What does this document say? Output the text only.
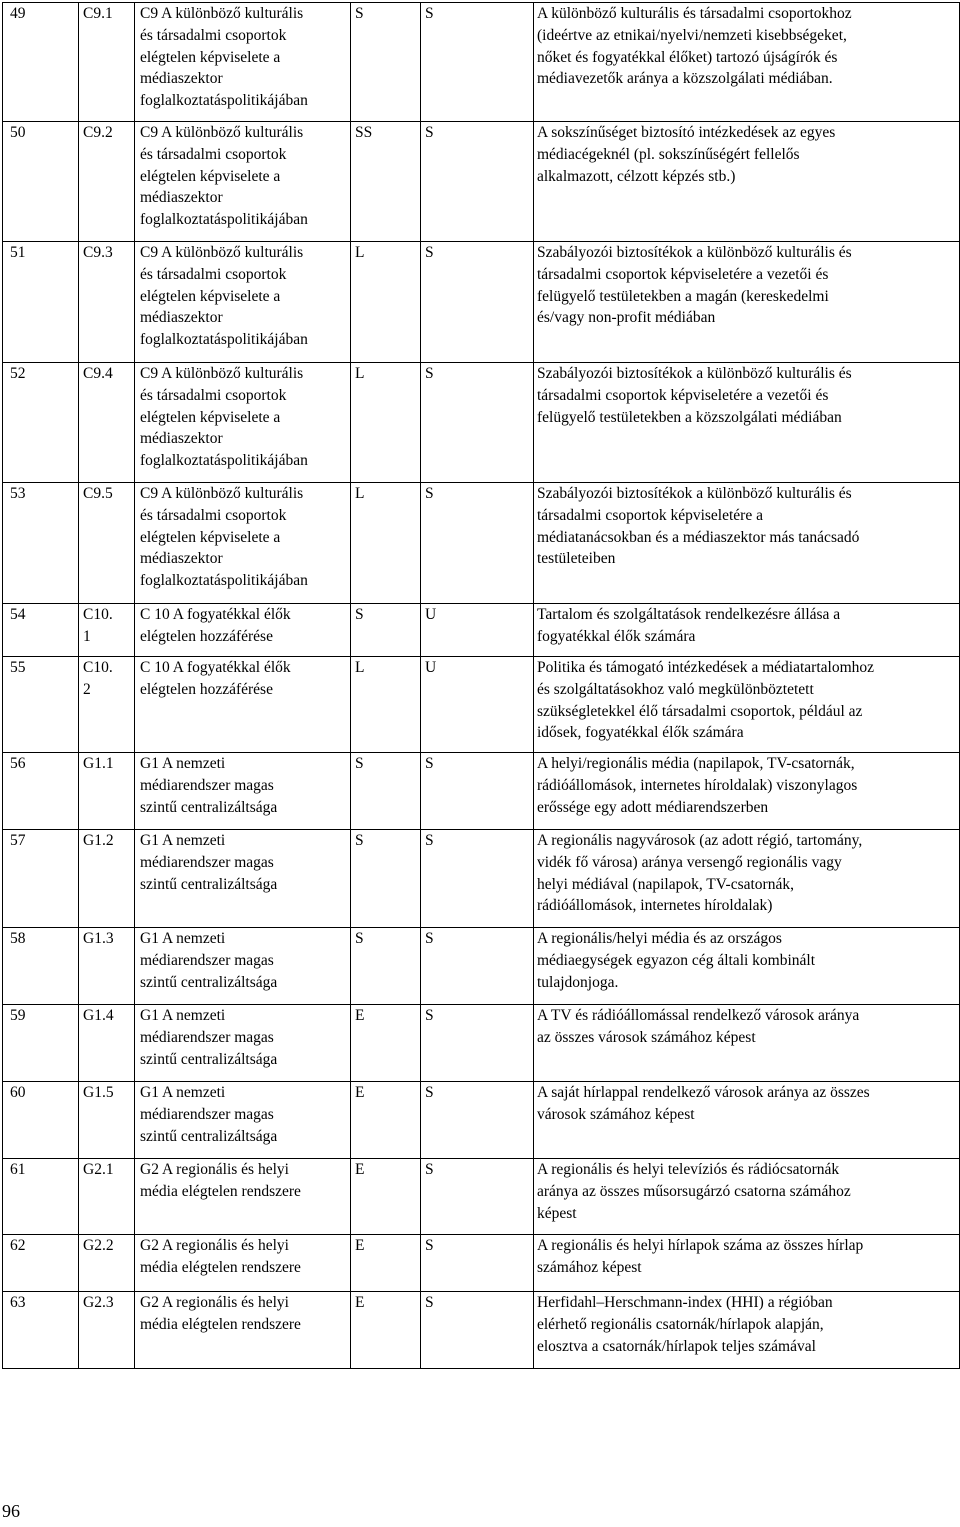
49	C9.1	C9 A különböző kulturális
és társadalmi csoportok
elégtelen képviselete a
médiaszektor
foglalkoztatáspolitikájában	S	S	A különböző kulturális és társadalmi csoportokhoz
(ideértve az etnikai/nyelvi/nemzeti kisebbségeket,
nőket és fogyatékkal élőket) tartozó újságírók és
médiavezetők aránya a közszolgálati médiában.
50	C9.2	C9 A különböző kulturális
és társadalmi csoportok
elégtelen képviselete a
médiaszektor
foglalkoztatáspolitikájában	SS	S	A sokszínűséget biztosító intézkedések az egyes
médiacégeknél (pl. sokszínűségért fellelős
alkalmazott, célzott képzés stb.)
51	C9.3	C9 A különböző kulturális
és társadalmi csoportok
elégtelen képviselete a
médiaszektor
foglalkoztatáspolitikájában	L	S	Szabályozói biztosítékok a különböző kulturális és
társadalmi csoportok képviseletére a vezetői és
felügyelő testületekben a magán (kereskedelmi
és/vagy non-profit médiában
52	C9.4	C9 A különböző kulturális
és társadalmi csoportok
elégtelen képviselete a
médiaszektor
foglalkoztatáspolitikájában	L	S	Szabályozói biztosítékok a különböző kulturális és
társadalmi csoportok képviseletére a vezetői és
felügyelő testületekben a közszolgálati médiában
53	C9.5	C9 A különböző kulturális
és társadalmi csoportok
elégtelen képviselete a
médiaszektor
foglalkoztatáspolitikájában	L	S	Szabályozói biztosítékok a különböző kulturális és
társadalmi csoportok képviseletére a
médiatanácsokban és a médiaszektor más tanácsadó
testületeiben
54	C10.
1	C 10 A fogyatékkal élők
elégtelen hozzáférése	S	U	Tartalom és szolgáltatások rendelkezésre állása a
fogyatékkal élők számára
55	C10.
2	C 10 A fogyatékkal élők
elégtelen hozzáférése	L	U	Politika és támogató intézkedések a médiatartalomhoz
és szolgáltatásokhoz való megkülönböztetett
szükségletekkel élő társadalmi csoportok, például az
idősek, fogyatékkal élők számára
56	G1.1	G1 A nemzeti
médiarendszer magas
szintű centralizáltsága	S	S	A helyi/regionális média (napilapok, TV-csatornák,
rádióállomások, internetes híroldalak) viszonylagos
erőssége egy adott médiarendszerben
57	G1.2	G1 A nemzeti
médiarendszer magas
szintű centralizáltsága	S	S	A regionális nagyvárosok (az adott régió, tartomány,
vidék fő városa) aránya versengő regionális vagy
helyi médiával (napilapok, TV-csatornák,
rádióállomások, internetes híroldalak)
58	G1.3	G1 A nemzeti
médiarendszer magas
szintű centralizáltsága	S	S	A regionális/helyi média és az országos
médiaegységek egyazon cég általi kombinált
tulajdonjoga.
59	G1.4	G1 A nemzeti
médiarendszer magas
szintű centralizáltsága	E	S	A TV és rádióállomással rendelkező városok aránya
az összes városok számához képest
60	G1.5	G1 A nemzeti
médiarendszer magas
szintű centralizáltsága	E	S	A saját hírlappal rendelkező városok aránya az összes
városok számához képest
61	G2.1	G2 A regionális és helyi
média elégtelen rendszere	E	S	A regionális és helyi televíziós és rádiócsatornák
aránya az összes műsorsugárzó csatorna számához
képest
62	G2.2	G2 A regionális és helyi
média elégtelen rendszere	E	S	A regionális és helyi hírlapok száma az összes hírlap
számához képest
63	G2.3	G2 A regionális és helyi
média elégtelen rendszere	E	S	Herfidahl–Herschmann-index (HHI) a régióban
elérhető regionális csatornák/hírlapok alapján,
elosztva a csatornák/hírlapok teljes számával
96
